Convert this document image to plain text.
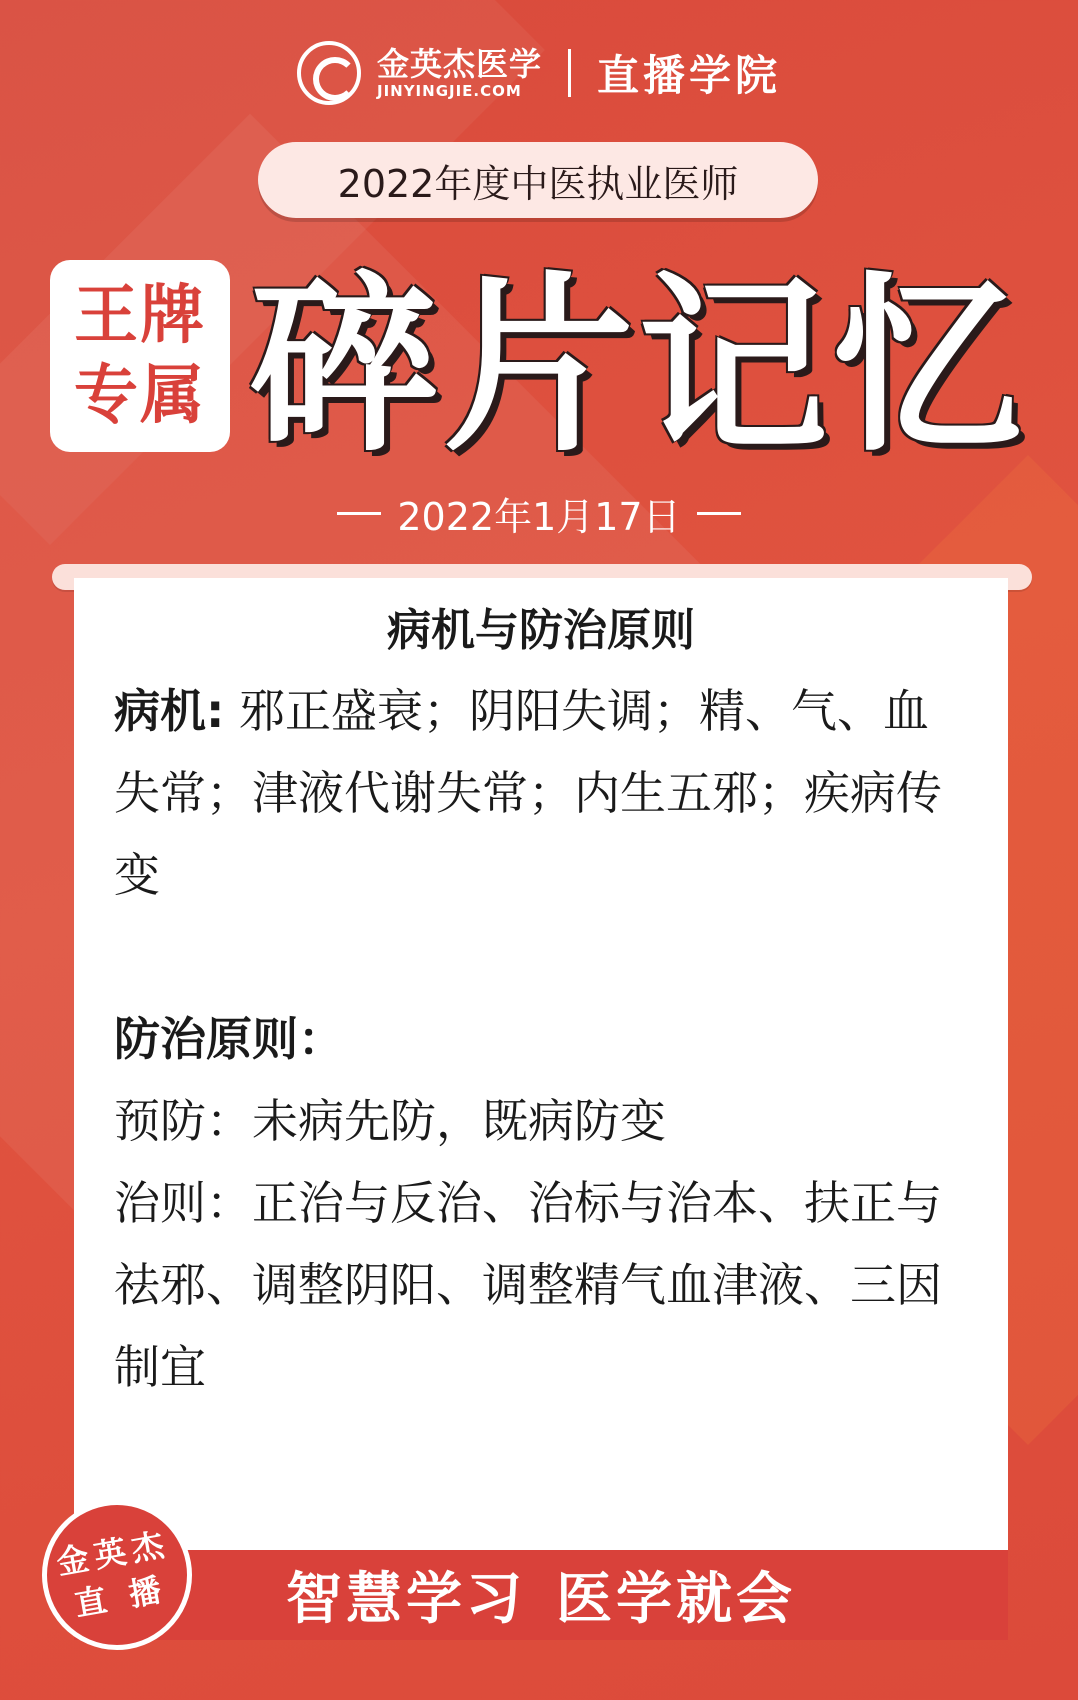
金英杰医学
JINYINGJIE.COM	直播学院
2022年度中医执业医师
王牌
专属 碎片记忆
2022年1月17日
病机与防治原则

病机: 邪正盛衰；阴阳失调；精、气、血失常；津液代谢失常；内生五邪；疾病传变

防治原则：

预防：未病先防，既病防变

治则：正治与反治、治标与治本、扶正与祛邪、调整阴阳、调整精气血津液、三因制宜

智慧学习 医学就会
金英杰
直 播
